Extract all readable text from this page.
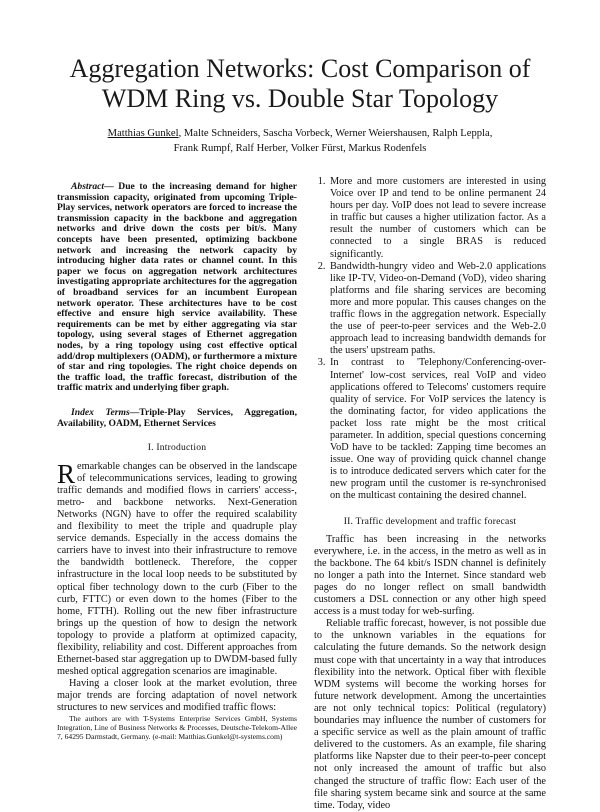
Aggregation Networks: Cost Comparison of
WDM Ring vs. Double Star Topology
Matthias Gunkel, Malte Schneiders, Sascha Vorbeck, Werner Weiershausen, Ralph Leppla,
Frank Rumpf, Ralf Herber, Volker Fürst, Markus Rodenfels

Abstract— Due to the increasing demand for higher transmission capacity, originated from upcoming Triple-Play services, network operators are forced to increase the transmission capacity in the backbone and aggregation networks and drive down the costs per bit/s. Many concepts have been presented, optimizing backbone network and increasing the network capacity by introducing higher data rates or channel count. In this paper we focus on aggregation network architectures investigating appropriate architectures for the aggregation of broadband services for an incumbent European network operator. These architectures have to be cost effective and ensure high service availability. These requirements can be met by either aggregating via star topology, using several stages of Ethernet aggregation nodes, by a ring topology using cost effective optical add/drop multiplexers (OADM), or furthermore a mixture of star and ring topologies. The right choice depends on the traffic load, the traffic forecast, distribution of the traffic matrix and underlying fiber graph.

Index Terms—Triple-Play Services, Aggregation, Availability, OADM, Ethernet Services

I. Introduction

Remarkable changes can be observed in the landscape of telecommunications services, leading to growing traffic demands and modified flows in carriers' access-, metro- and backbone networks. Next-Generation Networks (NGN) have to offer the required scalability and flexibility to meet the triple and quadruple play service demands. Especially in the access domains the carriers have to invest into their infrastructure to remove the bandwidth bottleneck. Therefore, the copper infrastructure in the local loop needs to be substituted by optical fiber technology down to the curb (Fiber to the curb, FTTC) or even down to the homes (Fiber to the home, FTTH). Rolling out the new fiber infrastructure brings up the question of how to design the network topology to provide a platform at optimized capacity, flexibility, reliability and cost. Different approaches from Ethernet-based star aggregation up to DWDM-based fully meshed optical aggregation scenarios are imaginable.

Having a closer look at the market evolution, three major trends are forcing adaptation of novel network structures to new services and modified traffic flows:

The authors are with T-Systems Enterprise Services GmbH, Systems Integration, Line of Business Networks & Processes, Deutsche-Telekom-Allee 7, 64295 Darmstadt, Germany. (e-mail: Matthias.Gunkel@t-systems.com)
1. More and more customers are interested in using Voice over IP and tend to be online permanent 24 hours per day. VoIP does not lead to severe increase in traffic but causes a higher utilization factor. As a result the number of customers which can be connected to a single BRAS is reduced significantly.
2. Bandwidth-hungry video and Web-2.0 applications like IP-TV, Video-on-Demand (VoD), video sharing platforms and file sharing services are becoming more and more popular. This causes changes on the traffic flows in the aggregation network. Especially the use of peer-to-peer services and the Web-2.0 approach lead to increasing bandwidth demands for the users' upstream paths.
3. In contrast to 'Telephony/Conferencing-over-Internet' low-cost services, real VoIP and video applications offered to Telecoms' customers require quality of service. For VoIP services the latency is the dominating factor, for video applications the packet loss rate might be the most critical parameter. In addition, special questions concerning VoD have to be tackled: Zapping time becomes an issue. One way of providing quick channel change is to introduce dedicated servers which cater for the new program until the customer is re-synchronised on the multicast containing the desired channel.
II. Traffic development and traffic forecast

Traffic has been increasing in the networks everywhere, i.e. in the access, in the metro as well as in the backbone. The 64 kbit/s ISDN channel is definitely no longer a path into the Internet. Since standard web pages do no longer reflect on small bandwidth customers a DSL connection or any other high speed access is a must today for web-surfing.

Reliable traffic forecast, however, is not possible due to the unknown variables in the equations for calculating the future demands. So the network design must cope with that uncertainty in a way that introduces flexibility into the network. Optical fiber with flexible WDM systems will become the working horses for future network development. Among the uncertainties are not only technical topics: Political (regulatory) boundaries may influence the number of customers for a specific service as well as the plain amount of traffic delivered to the customers. As an example, file sharing platforms like Napster due to their peer-to-peer concept not only increased the amount of traffic but also changed the structure of traffic flow: Each user of the file sharing system became sink and source at the same time. Today, video
